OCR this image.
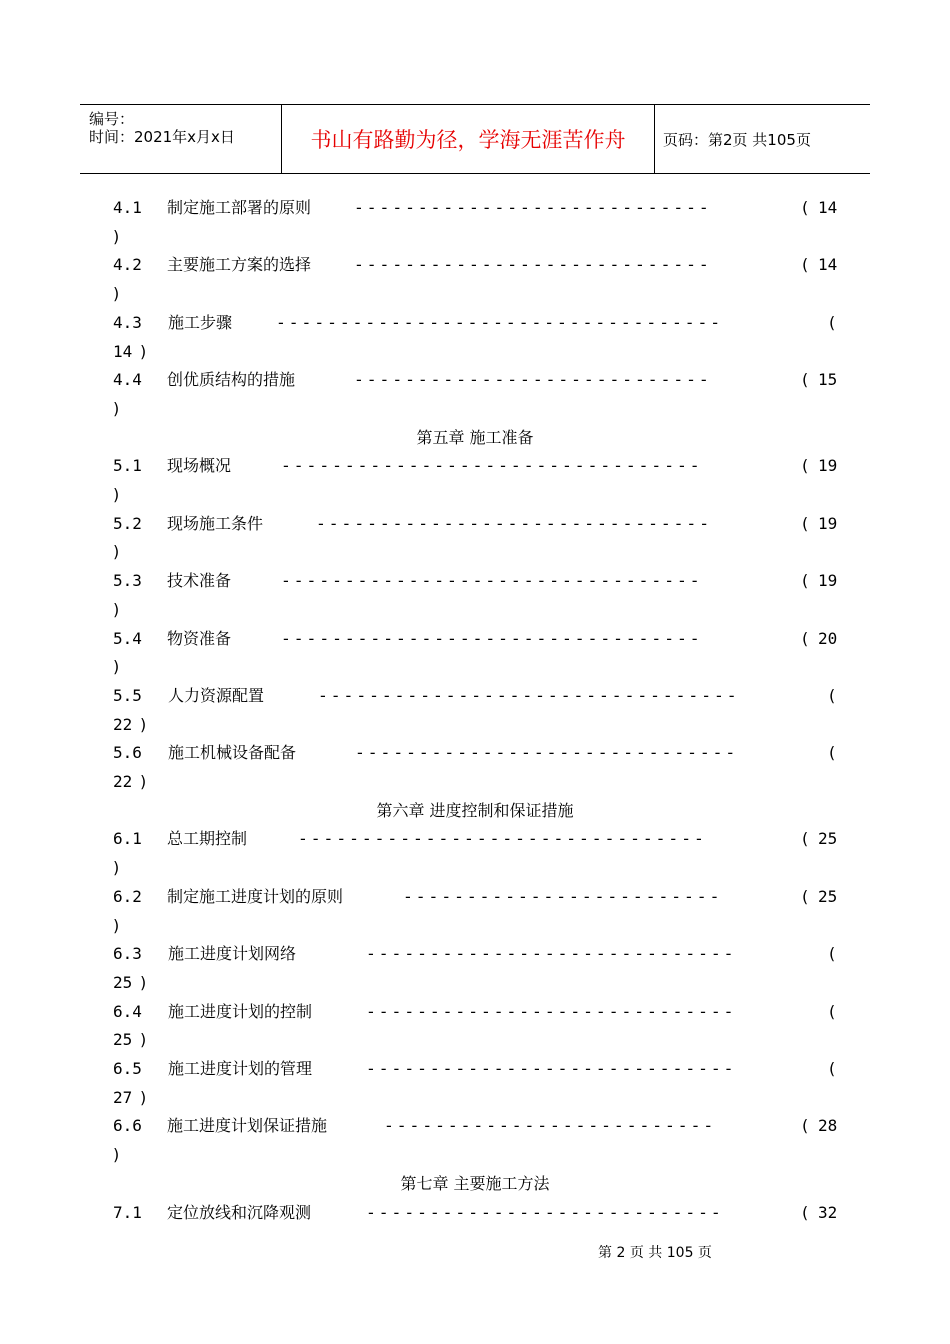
编号：
时间：2021年x月x日	书山有路勤为径，学海无涯苦作舟	页码：第2页 共105页
4.1 制定施工部署的原则	----------------------------	( 14
)
4.2 主要施工方案的选择	----------------------------	( 14
)
4.3 施工步骤	-----------------------------------	(
14 )
4.4 创优质结构的措施	----------------------------	( 15
)
第五章 施工准备
5.1 现场概况	---------------------------------	( 19
)
5.2 现场施工条件	-------------------------------	( 19
)
5.3 技术准备	---------------------------------	( 19
)
5.4 物资准备	---------------------------------	( 20
)
5.5 人力资源配置	---------------------------------	(
22 )
5.6 施工机械设备配备	------------------------------	(
22 )
第六章 进度控制和保证措施
6.1 总工期控制	--------------------------------	( 25
)
6.2 制定施工进度计划的原则	-------------------------	( 25
)
6.3 施工进度计划网络	-----------------------------	(
25 )
6.4 施工进度计划的控制	-----------------------------	(
25 )
6.5 施工进度计划的管理	-----------------------------	(
27 )
6.6 施工进度计划保证措施	--------------------------	( 28
)
第七章 主要施工方法
7.1 定位放线和沉降观测	----------------------------	( 32
第 2 页 共 105 页
